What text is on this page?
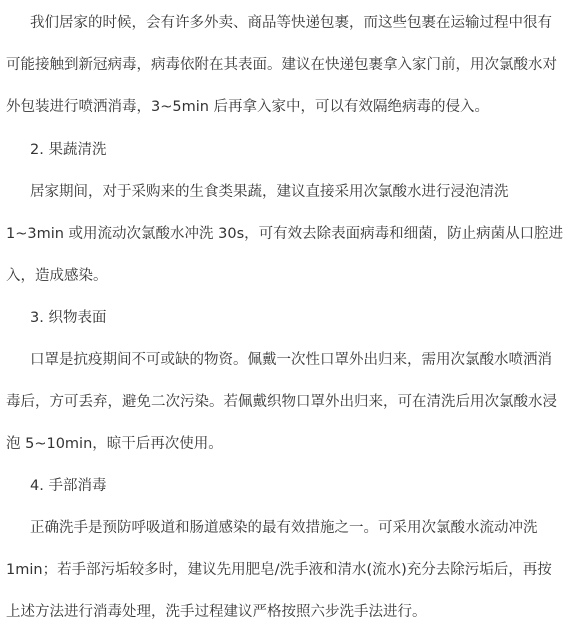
我们居家的时候，会有许多外卖、商品等快递包裹，而这些包裹在运输过程中很有
可能接触到新冠病毒，病毒依附在其表面。建议在快递包裹拿入家门前，用次氯酸水对
外包装进行喷洒消毒，3~5min 后再拿入家中，可以有效隔绝病毒的侵入。
2. 果蔬清洗
居家期间，对于采购来的生食类果蔬，建议直接采用次氯酸水进行浸泡清洗
1~3min 或用流动次氯酸水冲洗 30s，可有效去除表面病毒和细菌，防止病菌从口腔进
入，造成感染。
3. 织物表面
口罩是抗疫期间不可或缺的物资。佩戴一次性口罩外出归来，需用次氯酸水喷洒消
毒后，方可丢弃，避免二次污染。若佩戴织物口罩外出归来，可在清洗后用次氯酸水浸
泡 5~10min，晾干后再次使用。
4. 手部消毒
正确洗手是预防呼吸道和肠道感染的最有效措施之一。可采用次氯酸水流动冲洗
1min；若手部污垢较多时，建议先用肥皂/洗手液和清水(流水)充分去除污垢后，再按
上述方法进行消毒处理，洗手过程建议严格按照六步洗手法进行。
